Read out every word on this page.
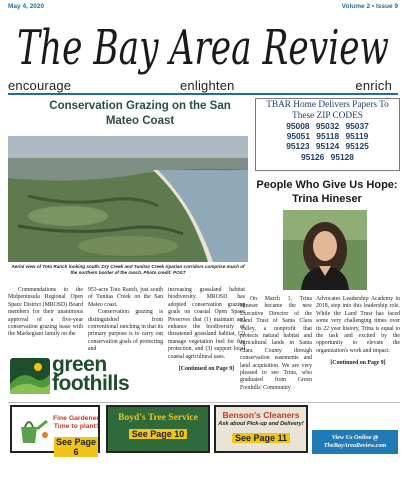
May 4, 2020	Volume 2 • Issue 9
The Bay Area Review
encourage	enlighten	enrich
Conservation Grazing on the San Mateo Coast
Aerial view of Toto Ranch looking south. Dry Creek and Tunitas Creek riparian corridors comprise much of the northern border of the ranch. Photo credit: POST

Commendations to the Midpeninsula Regional Open Space District (MROSD) Board members for their unanimous approval of a five-year conservation grazing lease with the Markegiani family on the

953-acre Toto Ranch, just south of Tunitas Creek on the San Mateo coast.

Conservation grazing is distinguished from conventional ranching in that its primary purpose is to carry out conservation goals of protecting and

increasing grassland habitat biodiversity. MROSD has adopted conservation grazing goals on coastal Open Space Preserves that (1) maintain and enhance the biodiversity of threatened grassland habitat, (2) manage vegetation fuel for fire protection, and (3) support local coastal agricultural uses.

[Continued on Page 9]
green
foothills
TBAR Home Delivers Papers To These ZIP CODES
95008 95032 95037
95051 95118 95119
95123 95124 95125
95126 95128
People Who Give Us Hope: Trina Hineser

On March 1, Trina Hineser became the new Executive Director of the Land Trust of Santa Clara Valley, a nonprofit that protects natural habitat and agricultural lands in Santa Clara County through conservation easements and land acquisition. We are very pleased to see Trina, who graduated from Green Foothills' Community

Advocates Leadership Academy in 2018, step into this leadership role. While the Land Trust has faced some very challenging times over its 22 year history, Trina is equal to the task and excited by the opportunity to elevate the organization's work and impact.

[Continued on Page 9]
Fine Gardener Time to plant!
See Page 6
Boyd's Tree Service
See Page 10
Benson's Cleaners
Ask about Pick-up and Delivery!
See Page 11	View Us Online @ TheBayAreaReview.com
